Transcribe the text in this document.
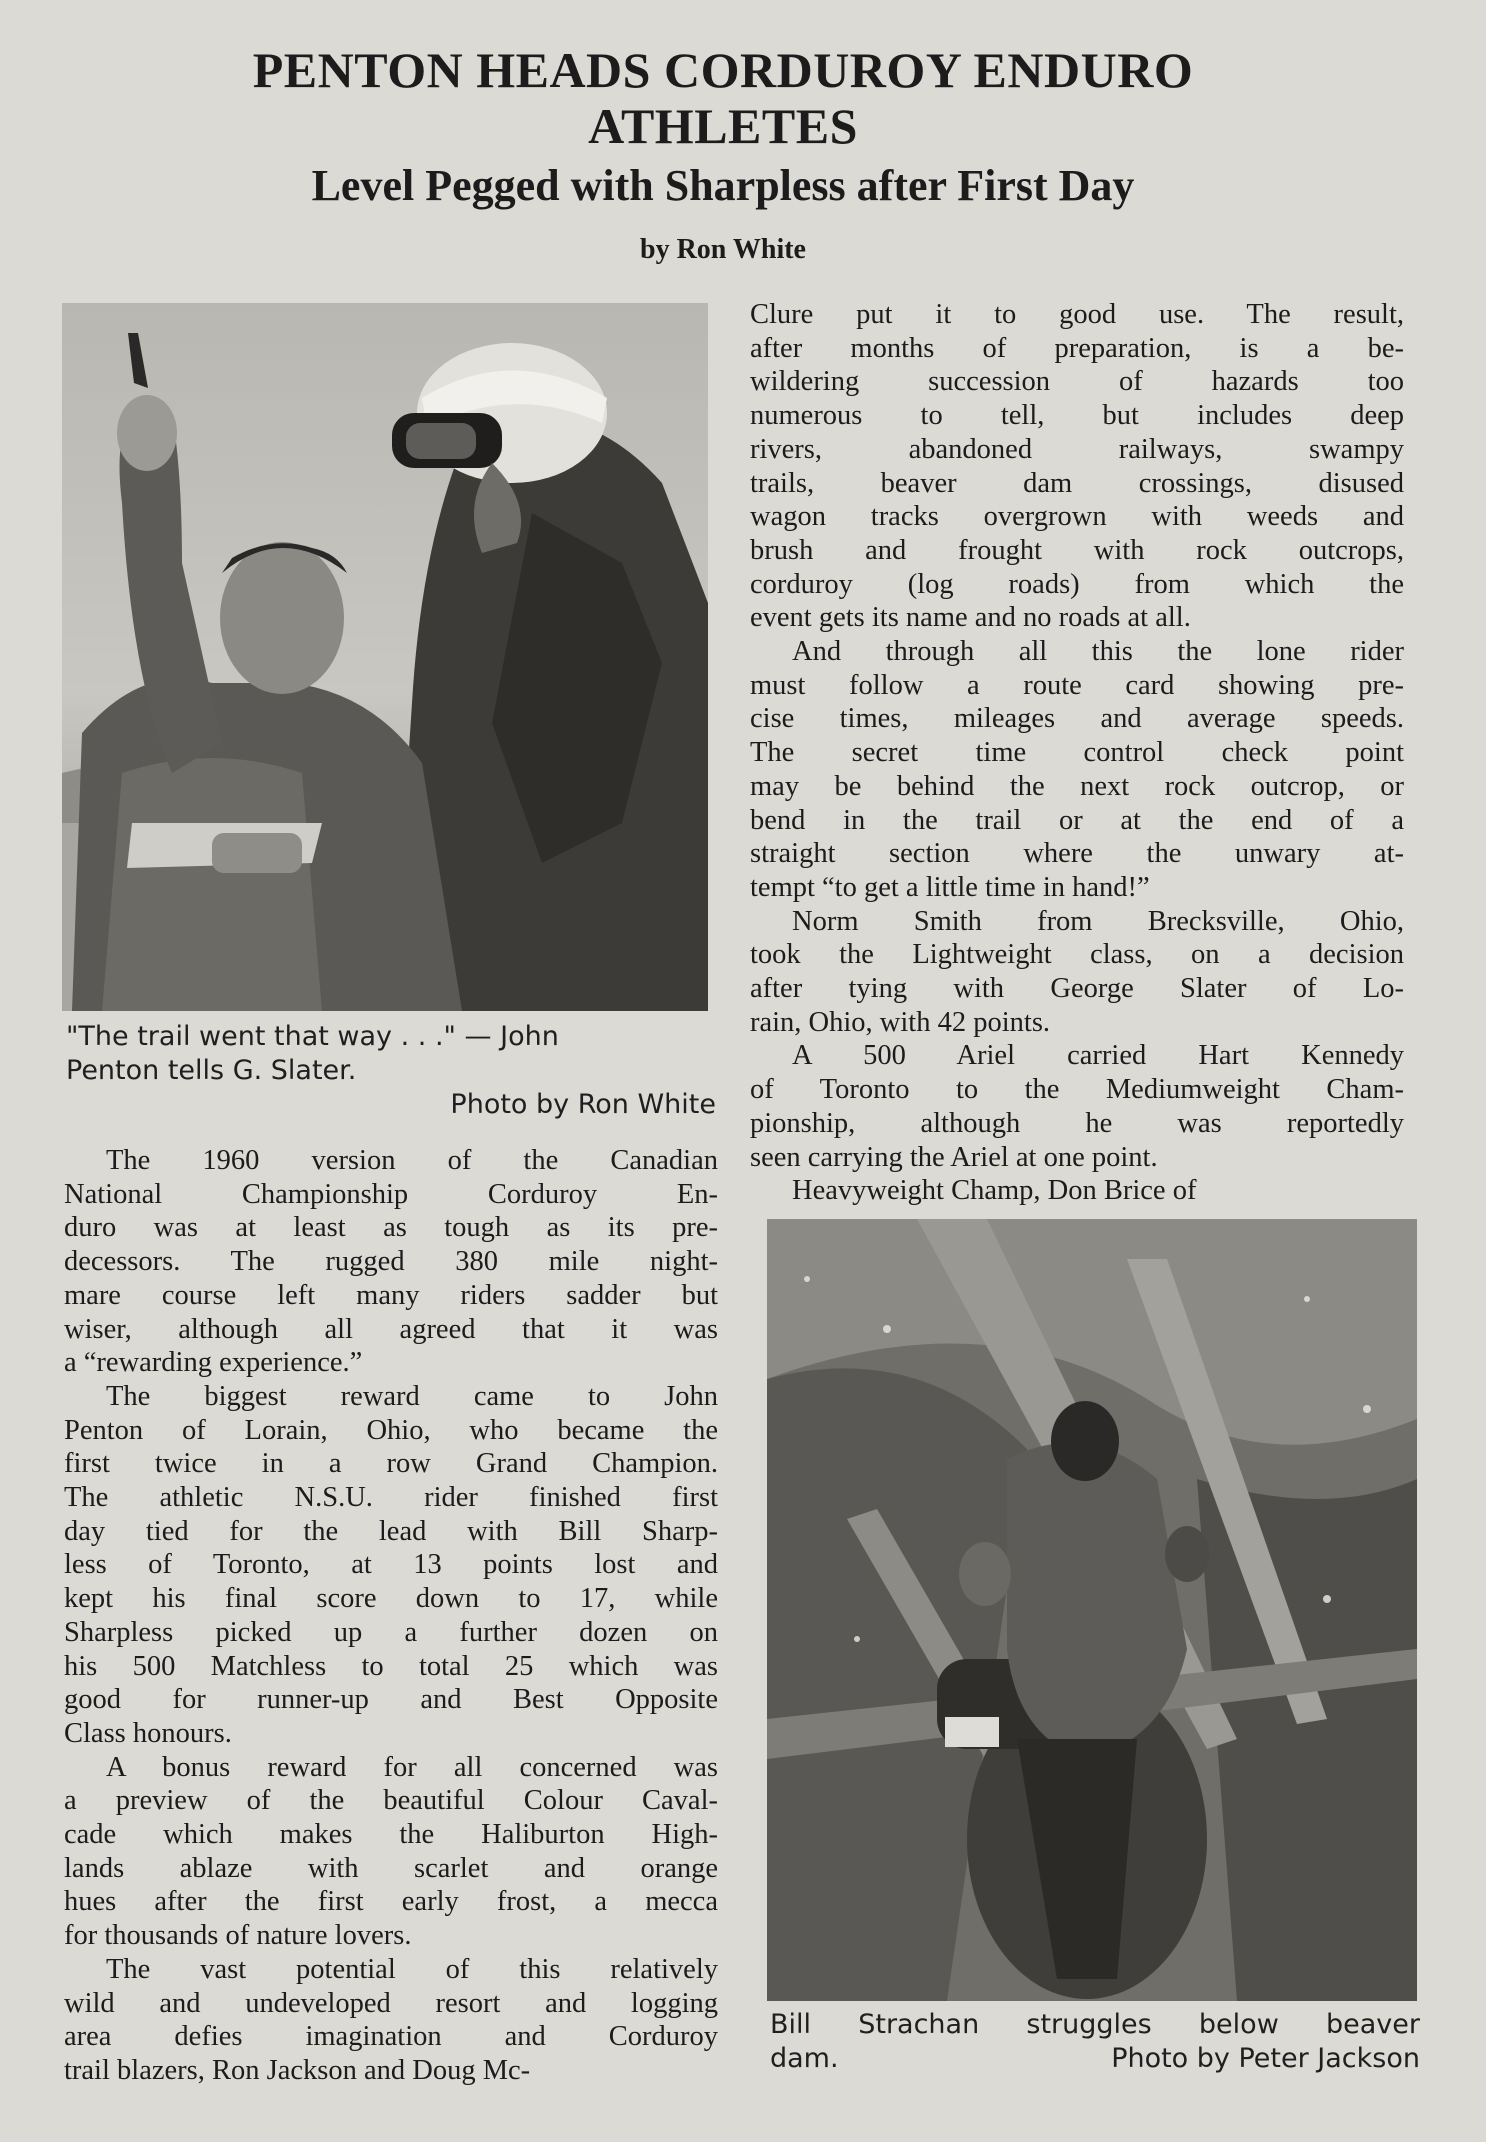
PENTON HEADS CORDUROY ENDURO
ATHLETES
Level Pegged with Sharpless after First Day
by Ron White
"The trail went that way . . ." — John
Penton tells G. Slater.
Photo by Ron White
Bill Strachan struggles below beaver
dam.	Photo by Peter Jackson

The 1960 version of the Canadian
National Championship Corduroy En-
duro was at least as tough as its pre-
decessors. The rugged 380 mile night-
mare course left many riders sadder but
wiser, although all agreed that it was
a “rewarding experience.”

The biggest reward came to John
Penton of Lorain, Ohio, who became the
first twice in a row Grand Champion.
The athletic N.S.U. rider finished first
day tied for the lead with Bill Sharp-
less of Toronto, at 13 points lost and
kept his final score down to 17, while
Sharpless picked up a further dozen on
his 500 Matchless to total 25 which was
good for runner-up and Best Opposite
Class honours.

A bonus reward for all concerned was
a preview of the beautiful Colour Caval-
cade which makes the Haliburton High-
lands ablaze with scarlet and orange
hues after the first early frost, a mecca
for thousands of nature lovers.

The vast potential of this relatively
wild and undeveloped resort and logging
area defies imagination and Corduroy
trail blazers, Ron Jackson and Doug Mc-

Clure put it to good use. The result,
after months of preparation, is a be-
wildering succession of hazards too
numerous to tell, but includes deep
rivers, abandoned railways, swampy
trails, beaver dam crossings, disused
wagon tracks overgrown with weeds and
brush and frought with rock outcrops,
corduroy (log roads) from which the
event gets its name and no roads at all.

And through all this the lone rider
must follow a route card showing pre-
cise times, mileages and average speeds.
The secret time control check point
may be behind the next rock outcrop, or
bend in the trail or at the end of a
straight section where the unwary at-
tempt “to get a little time in hand!”

Norm Smith from Brecksville, Ohio,
took the Lightweight class, on a decision
after tying with George Slater of Lo-
rain, Ohio, with 42 points.

A 500 Ariel carried Hart Kennedy
of Toronto to the Mediumweight Cham-
pionship, although he was reportedly
seen carrying the Ariel at one point.

Heavyweight Champ, Don Brice of
